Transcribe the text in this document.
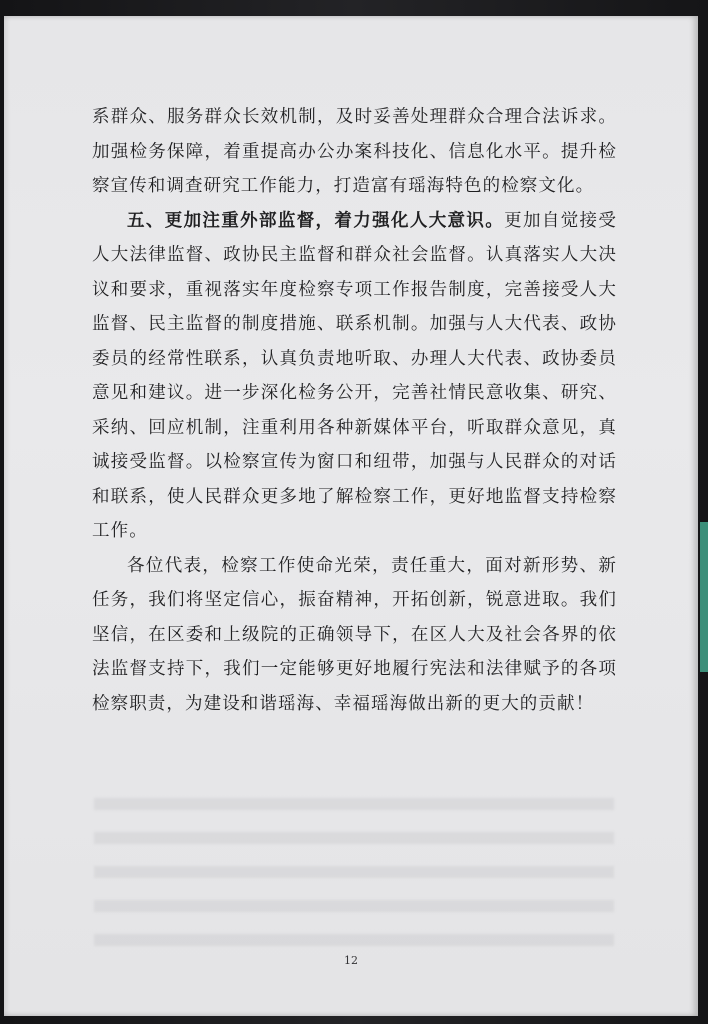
系群众、服务群众长效机制，及时妥善处理群众合理合法诉求。加强检务保障，着重提高办公办案科技化、信息化水平。提升检察宣传和调查研究工作能力，打造富有瑶海特色的检察文化。

五、更加注重外部监督，着力强化人大意识。更加自觉接受人大法律监督、政协民主监督和群众社会监督。认真落实人大决议和要求，重视落实年度检察专项工作报告制度，完善接受人大监督、民主监督的制度措施、联系机制。加强与人大代表、政协委员的经常性联系，认真负责地听取、办理人大代表、政协委员意见和建议。进一步深化检务公开，完善社情民意收集、研究、采纳、回应机制，注重利用各种新媒体平台，听取群众意见，真诚接受监督。以检察宣传为窗口和纽带，加强与人民群众的对话和联系，使人民群众更多地了解检察工作，更好地监督支持检察工作。

各位代表，检察工作使命光荣，责任重大，面对新形势、新任务，我们将坚定信心，振奋精神，开拓创新，锐意进取。我们坚信，在区委和上级院的正确领导下，在区人大及社会各界的依法监督支持下，我们一定能够更好地履行宪法和法律赋予的各项检察职责，为建设和谐瑶海、幸福瑶海做出新的更大的贡献！

12
